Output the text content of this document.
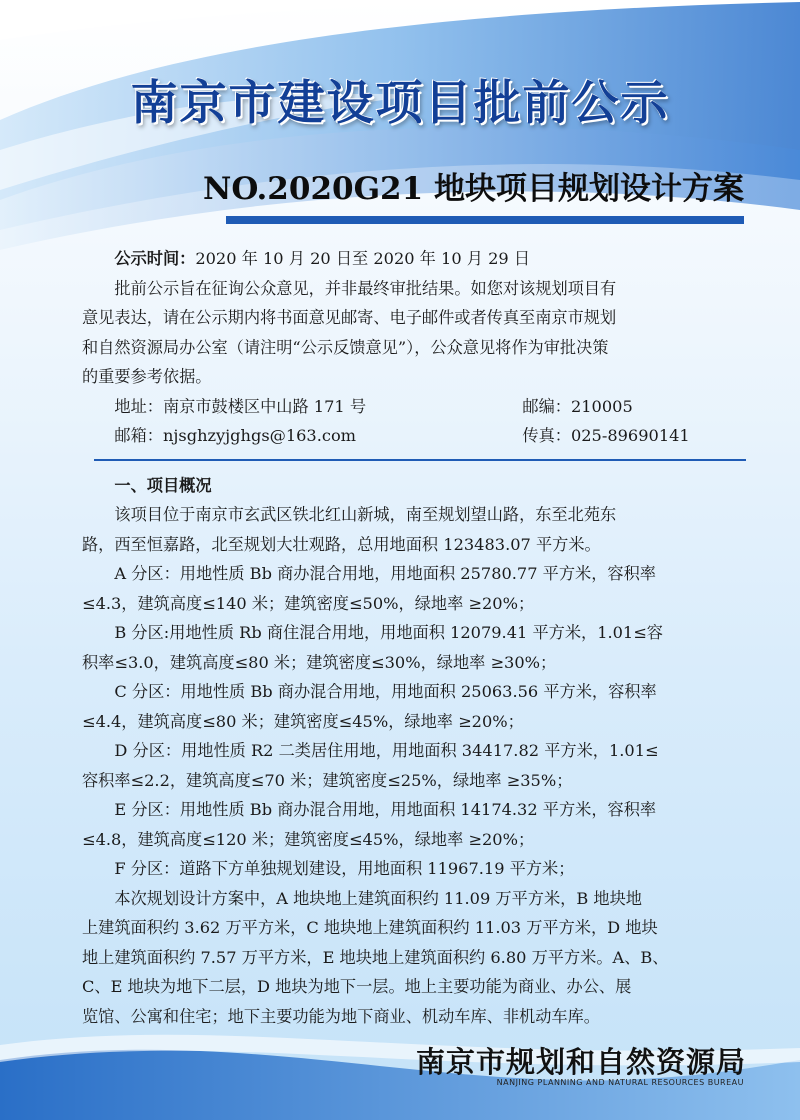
南京市建设项目批前公示
NO.2020G21 地块项目规划设计方案
公示时间：2020 年 10 月 20 日至 2020 年 10 月 29 日
批前公示旨在征询公众意见，并非最终审批结果。如您对该规划项目有
意见表达，请在公示期内将书面意见邮寄、电子邮件或者传真至南京市规划
和自然资源局办公室（请注明“公示反馈意见”），公众意见将作为审批决策
的重要参考依据。
地址：南京市鼓楼区中山路 171 号	邮编：210005
邮箱：njsghzyjghgs@163.com	传真：025-89690141
一、项目概况
该项目位于南京市玄武区铁北红山新城，南至规划望山路，东至北苑东
路，西至恒嘉路，北至规划大壮观路，总用地面积 123483.07 平方米。
A 分区：用地性质 Bb 商办混合用地，用地面积 25780.77 平方米，容积率
≤4.3，建筑高度≤140 米；建筑密度≤50%，绿地率 ≥20%；
B 分区:用地性质 Rb 商住混合用地，用地面积 12079.41 平方米，1.01≤容
积率≤3.0，建筑高度≤80 米；建筑密度≤30%，绿地率 ≥30%；
C 分区：用地性质 Bb 商办混合用地，用地面积 25063.56 平方米，容积率
≤4.4，建筑高度≤80 米；建筑密度≤45%，绿地率 ≥20%；
D 分区：用地性质 R2 二类居住用地，用地面积 34417.82 平方米，1.01≤
容积率≤2.2，建筑高度≤70 米；建筑密度≤25%，绿地率 ≥35%；
E 分区：用地性质 Bb 商办混合用地，用地面积 14174.32 平方米，容积率
≤4.8，建筑高度≤120 米；建筑密度≤45%，绿地率 ≥20%；
F 分区：道路下方单独规划建设，用地面积 11967.19 平方米；
本次规划设计方案中，A 地块地上建筑面积约 11.09 万平方米，B 地块地
上建筑面积约 3.62 万平方米，C 地块地上建筑面积约 11.03 万平方米，D 地块
地上建筑面积约 7.57 万平方米，E 地块地上建筑面积约 6.80 万平方米。A、B、
C、E 地块为地下二层，D 地块为地下一层。地上主要功能为商业、办公、展
览馆、公寓和住宅；地下主要功能为地下商业、机动车库、非机动车库。
南京市规划和自然资源局
NANJING PLANNING AND NATURAL RESOURCES BUREAU
